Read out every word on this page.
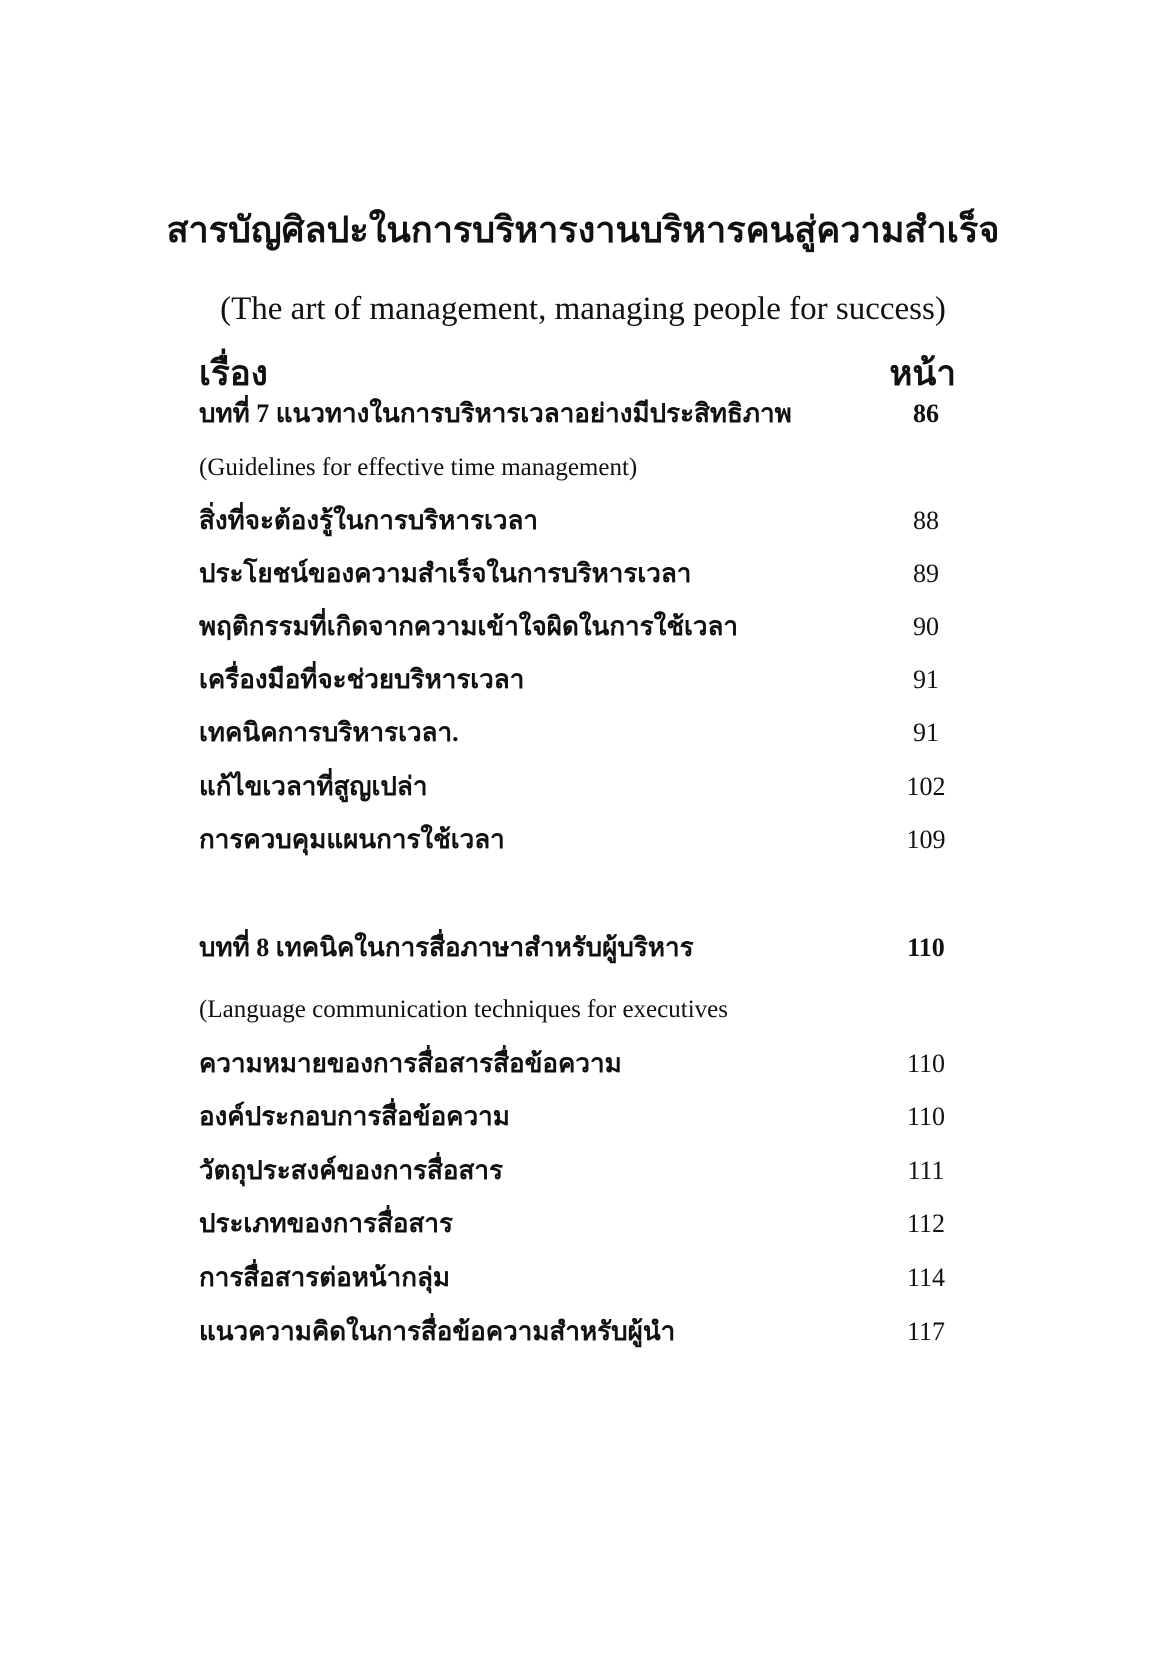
สารบัญศิลปะในการบริหารงานบริหารคนสู่ความสำเร็จ
(The art of management, managing people for success)
เรื่อง	หน้า
บทที่ 7 แนวทางในการบริหารเวลาอย่างมีประสิทธิภาพ	86
(Guidelines for effective time management)
สิ่งที่จะต้องรู้ในการบริหารเวลา	88
ประโยชน์ของความสำเร็จในการบริหารเวลา	89
พฤติกรรมที่เกิดจากความเข้าใจผิดในการใช้เวลา	90
เครื่องมือที่จะช่วยบริหารเวลา	91
เทคนิคการบริหารเวลา.	91
แก้ไขเวลาที่สูญเปล่า	102
การควบคุมแผนการใช้เวลา	109
บทที่ 8 เทคนิคในการสื่อภาษาสำหรับผู้บริหาร	110
(Language communication techniques for executives
ความหมายของการสื่อสารสื่อข้อความ	110
องค์ประกอบการสื่อข้อความ	110
วัตถุประสงค์ของการสื่อสาร	111
ประเภทของการสื่อสาร	112
การสื่อสารต่อหน้ากลุ่ม	114
แนวความคิดในการสื่อข้อความสำหรับผู้นำ	117
